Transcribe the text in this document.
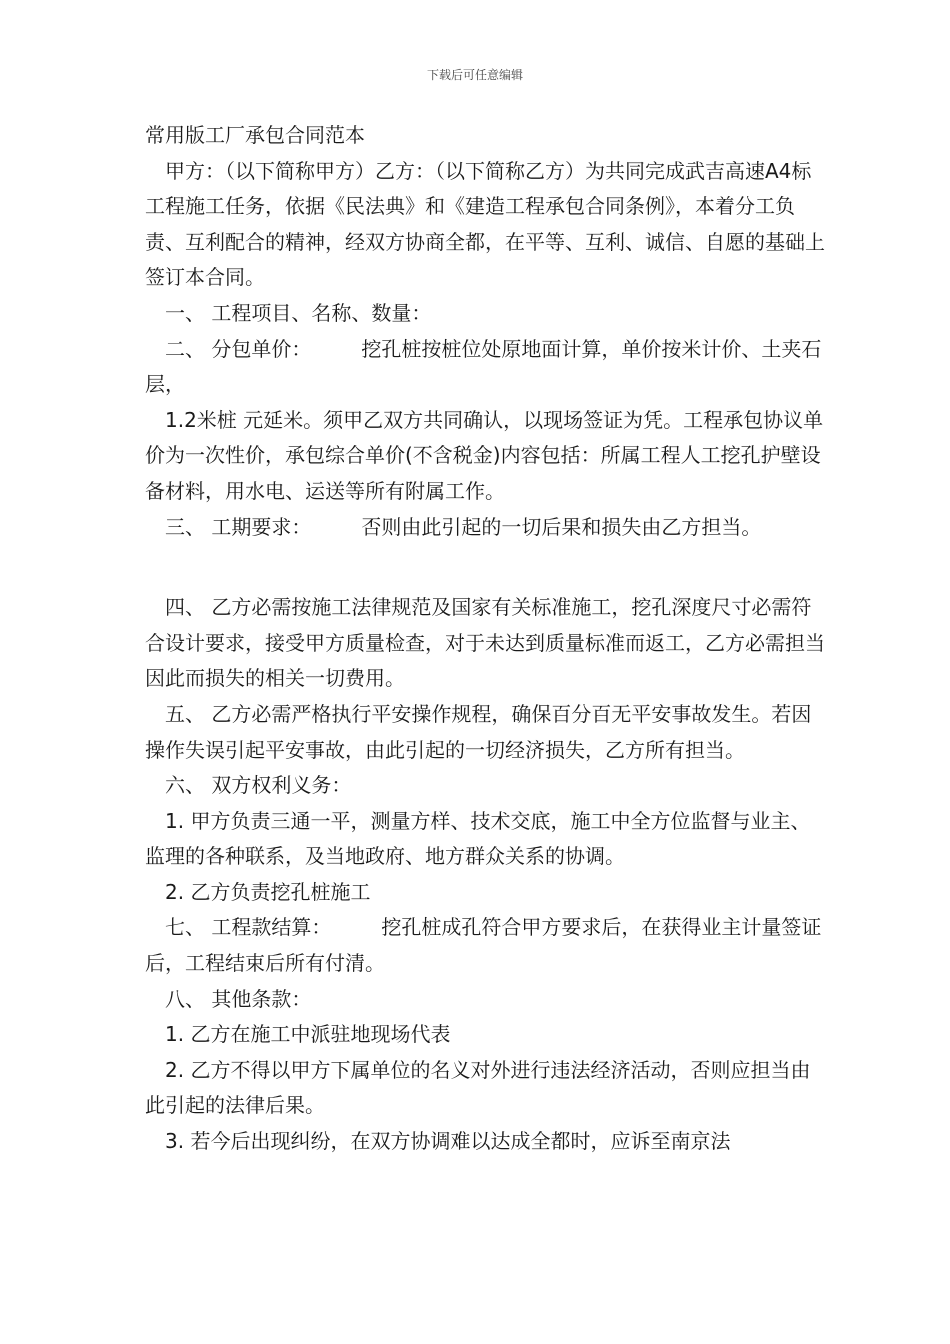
下载后可任意编辑

常用版工厂承包合同范本

　甲方：（以下简称甲方）乙方：（以下简称乙方）为共同完成武吉高速A4标工程施工任务，依据《民法典》和《建造工程承包合同条例》，本着分工负责、互利配合的精神，经双方协商全都，在平等、互利、诚信、自愿的基础上签订本合同。

　一、 工程项目、名称、数量：

　二、 分包单价：　　　挖孔桩按桩位处原地面计算，单价按米计价、土夹石层，

　1.2米桩 元延米。须甲乙双方共同确认，以现场签证为凭。工程承包协议单价为一次性价，承包综合单价(不含税金)内容包括：所属工程人工挖孔护壁设备材料，用水电、运送等所有附属工作。

　三、 工期要求：　　　否则由此引起的一切后果和损失由乙方担当。

　四、 乙方必需按施工法律规范及国家有关标准施工，挖孔深度尺寸必需符合设计要求，接受甲方质量检查，对于未达到质量标准而返工，乙方必需担当因此而损失的相关一切费用。

　五、 乙方必需严格执行平安操作规程，确保百分百无平安事故发生。若因操作失误引起平安事故，由此引起的一切经济损失，乙方所有担当。

　六、 双方权利义务：

　1. 甲方负责三通一平，测量方样、技术交底，施工中全方位监督与业主、监理的各种联系，及当地政府、地方群众关系的协调。

　2. 乙方负责挖孔桩施工

　七、 工程款结算：　　　挖孔桩成孔符合甲方要求后，在获得业主计量签证后，工程结束后所有付清。

　八、 其他条款：

　1. 乙方在施工中派驻地现场代表

　2. 乙方不得以甲方下属单位的名义对外进行违法经济活动，否则应担当由此引起的法律后果。

　3. 若今后出现纠纷，在双方协调难以达成全都时，应诉至南京法
